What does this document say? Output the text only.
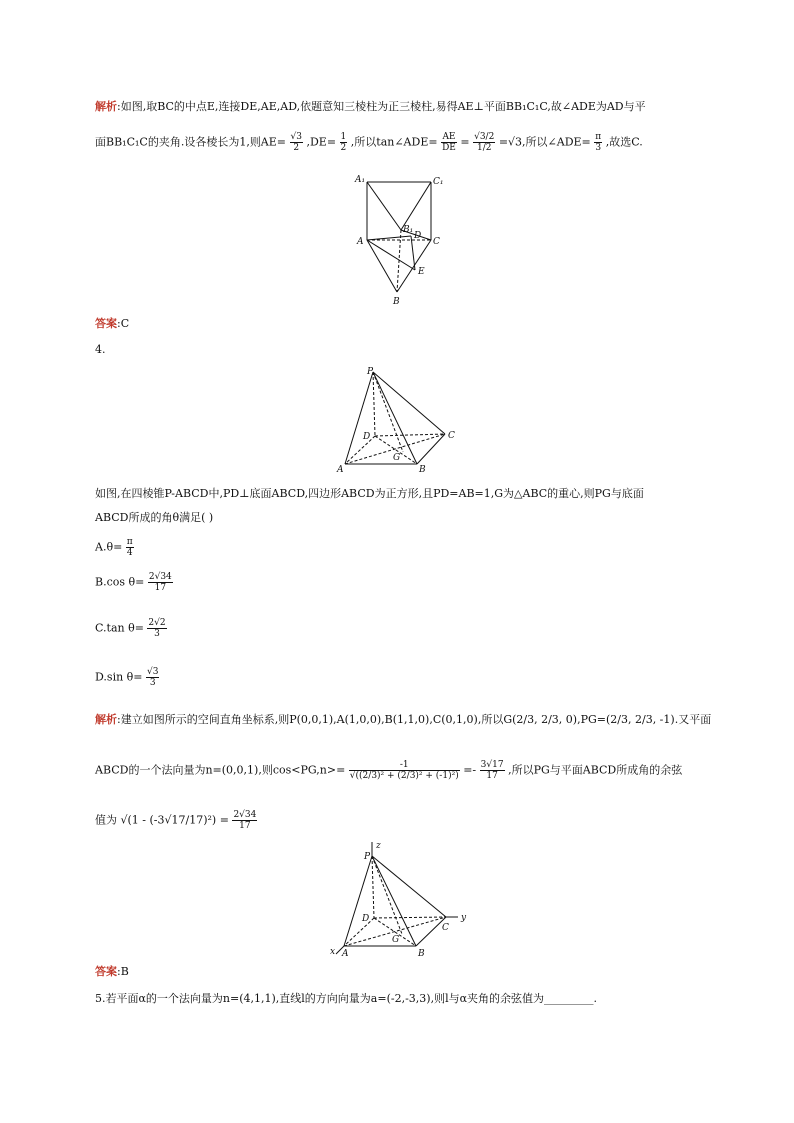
解析:如图,取BC的中点E,连接DE,AE,AD,依题意知三棱柱为正三棱柱,易得AE⊥平面BB₁C₁C,故∠ADE为AD与平
面BB₁C₁C的夹角.设各棱长为1,则$AE= \frac{√3}{2} ,DE= \frac{1}{2}$ ,所以tan∠ADE= $\frac{AE}{DE} = \frac{√3/2}{1/2} =√3$,所以∠ADE= $\frac{\pi}{3}$ ,故选C.
A₁	C₁
B₁
D
A	C
E
B
答案:C
4.
P
D	C
A
G
B
如图,在四棱锥P-ABCD中,PD⊥底面ABCD,四边形ABCD为正方形,且PD=AB=1,G为△ABC的重心,则PG与底面
ABCD所成的角θ满足( )
$A.\theta= \frac{\pi}{4}$
B.cos $\theta= \frac{2√34}{17}$
C.tan $\theta= \frac{2√2}{3}$
D.sin $\theta= \frac{√3}{3}$
解析:建立如图所示的空间直角坐标系,则P(0,0,1),A(1,0,0),B(1,1,0),C(0,1,0),所以G(2/3, 2/3, 0),PG=(2/3, 2/3, -1).又平面
ABCD的一个法向量为n=(0,0,1),则$\cos<PG,n>= \frac{-1}{\text{√((2/3)² + (2/3)² + (-1)²)}} =- \frac{3√17}{17}$ ,所以PG与平面ABCD所成角的余弦
值为 $√(1 - (-3√17/17)^2) = \frac{2√34}{17}$
z
P
D
C
y
x A
G
B
答案:B
5.若平面α的一个法向量为n=(4,1,1),直线l的方向向量为a=(-2,-3,3),则l与α夹角的余弦值为_________.
